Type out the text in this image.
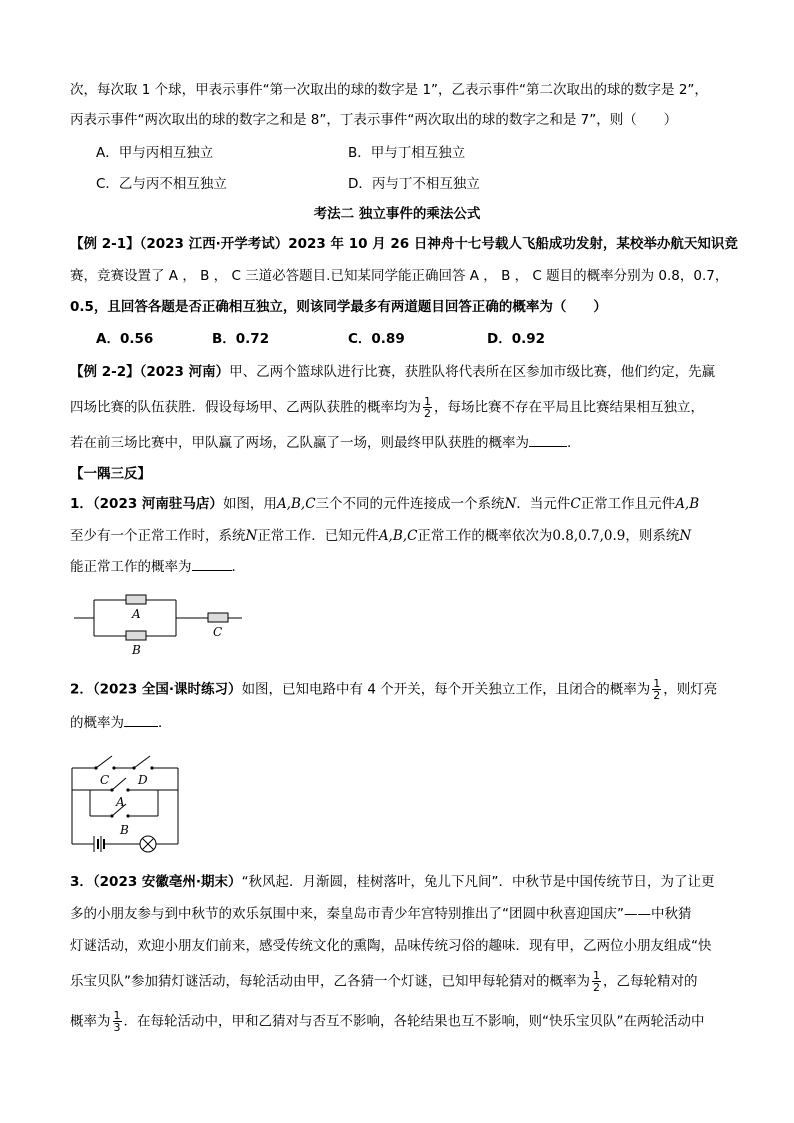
次，每次取 1 个球，甲表示事件“第一次取出的球的数字是 1”，乙表示事件“第二次取出的球的数字是 2”，
丙表示事件“两次取出的球的数字之和是 8”，丁表示事件“两次取出的球的数字之和是 7”，则（　　）
A．甲与丙相互独立	B．甲与丁相互独立
C．乙与丙不相互独立	D．丙与丁不相互独立
考法二 独立事件的乘法公式
【例 2-1】（2023 江西·开学考试）2023 年 10 月 26 日神舟十七号载人飞船成功发射，某校举办航天知识竞
赛，竞赛设置了 A ， B ， C 三道必答题目.已知某同学能正确回答 A ， B ， C 题目的概率分别为 0.8，0.7，
0.5，且回答各题是否正确相互独立，则该同学最多有两道题目回答正确的概率为（　　）
A．0.56	B．0.72	C．0.89	D．0.92
【例 2-2】（2023 河南）甲、乙两个篮球队进行比赛，获胜队将代表所在区参加市级比赛，他们约定，先赢
四场比赛的队伍获胜．假设每场甲、乙两队获胜的概率均为 $\frac{1}{2}$ ，每场比赛不存在平局且比赛结果相互独立，
若在前三场比赛中，甲队赢了两场，乙队赢了一场，则最终甲队获胜的概率为	.
【一隅三反】
1．（2023 河南驻马店）如图，用A,B,C三个不同的元件连接成一个系统N．当元件C正常工作且元件A,B
至少有一个正常工作时，系统N正常工作．已知元件A,B,C正常工作的概率依次为0.8,0.7,0.9，则系统N
能正常工作的概率为	．
A
B
C
2．（2023 全国·课时练习）如图，已知电路中有 4 个开关，每个开关独立工作，且闭合的概率为 $\frac{1}{2}$ ，则灯亮
的概率为	．
C D
A
B
3．（2023 安徽亳州·期末）“秋风起．月渐圆，桂树落叶，兔儿下凡间”．中秋节是中国传统节日，为了让更
多的小朋友参与到中秋节的欢乐氛围中来，秦皇岛市青少年宫特别推出了“团圆中秋喜迎国庆”——中秋猜
灯谜活动，欢迎小朋友们前来，感受传统文化的熏陶，品味传统习俗的趣味．现有甲，乙两位小朋友组成“快
乐宝贝队”参加猜灯谜活动，每轮活动由甲，乙各猜一个灯谜，已知甲每轮猜对的概率为 $\frac{1}{2}$ ，乙每轮精对的
概率为 $\frac{1}{3}$ ．在每轮活动中，甲和乙猜对与否互不影响，各轮结果也互不影响，则“快乐宝贝队”在两轮活动中
